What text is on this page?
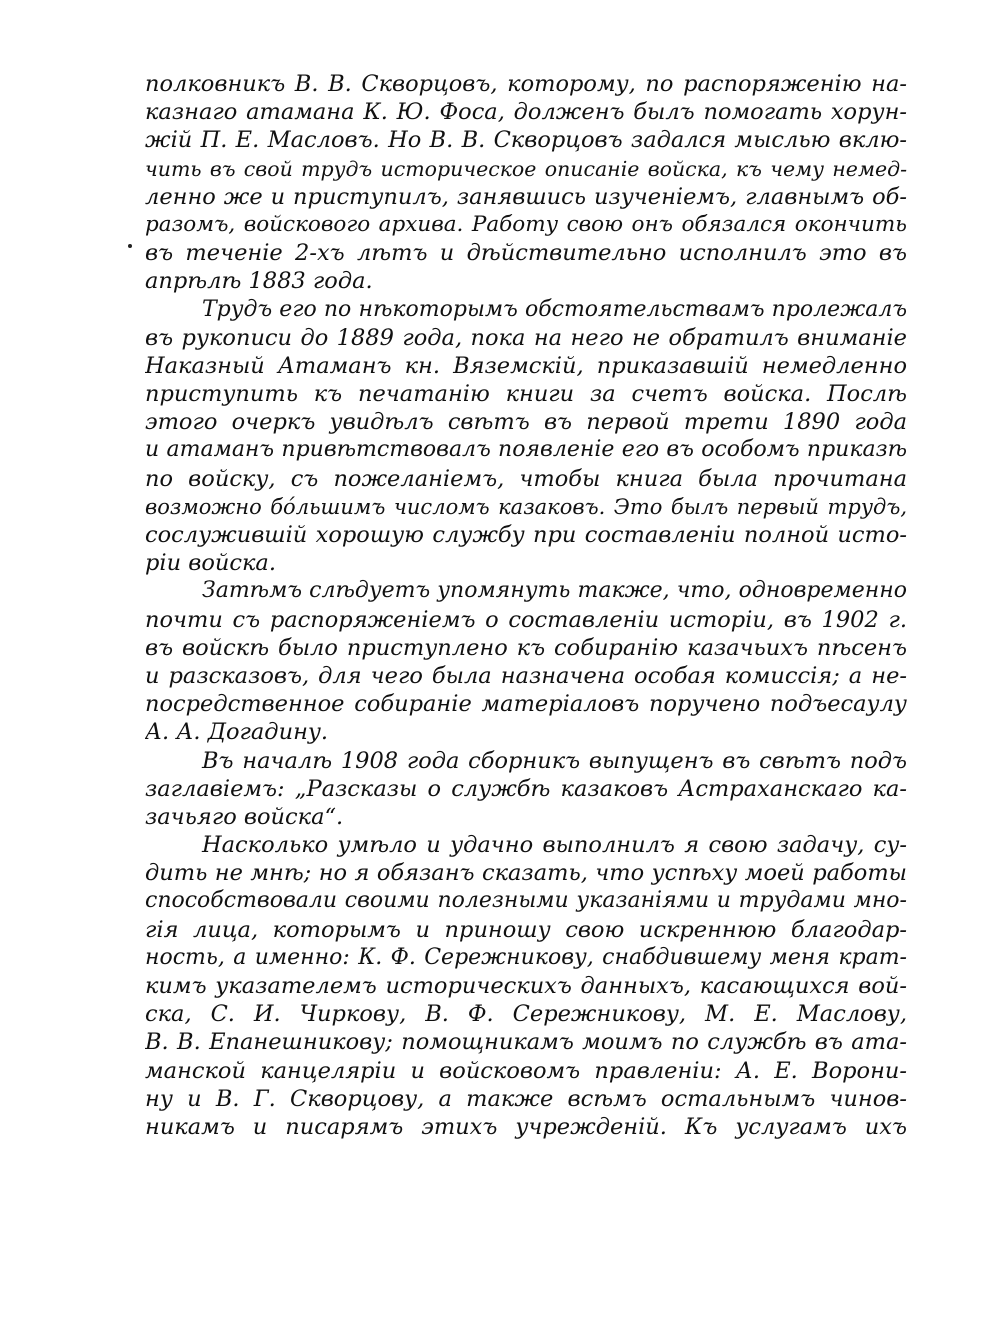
полковникъ В. В. Скворцовъ, которому, по распоряженію на-
казнаго атамана К. Ю. Фоса, долженъ былъ помогать хорун-
жій П. Е. Масловъ. Но В. В. Скворцовъ задался мыслью вклю-
чить въ свой трудъ историческое описаніе войска, къ чему немед-
ленно же и приступилъ, занявшись изученіемъ, главнымъ об-
разомъ, войскового архива. Работу свою онъ обязался окончить
въ теченіе 2-хъ лѣтъ и дѣйствительно исполнилъ это въ
апрѣлѣ 1883 года.
Трудъ его по нѣкоторымъ обстоятельствамъ пролежалъ
въ рукописи до 1889 года, пока на него не обратилъ вниманіе
Наказный Атаманъ кн. Вяземскій, приказавшій немедленно
приступить къ печатанію книги за счетъ войска. Послѣ
этого очеркъ увидѣлъ свѣтъ въ первой трети 1890 года
и атаманъ привѣтствовалъ появленіе его въ особомъ приказѣ
по войску, съ пожеланіемъ, чтобы книга была прочитана
возможно бо́льшимъ числомъ казаковъ. Это былъ первый трудъ,
сослужившій хорошую службу при составленіи полной исто-
ріи войска.
Затѣмъ слѣдуетъ упомянуть также, что, одновременно
почти съ распоряженіемъ о составленіи исторіи, въ 1902 г.
въ войскѣ было приступлено къ собиранію казачьихъ пѣсенъ
и разсказовъ, для чего была назначена особая комиссія; а не-
посредственное собираніе матеріаловъ поручено подъесаулу
А. А. Догадину.
Въ началѣ 1908 года сборникъ выпущенъ въ свѣтъ подъ
заглавіемъ: „Разсказы о службѣ казаковъ Астраханскаго ка-
зачьяго войска“.
Насколько умѣло и удачно выполнилъ я свою задачу, су-
дить не мнѣ; но я обязанъ сказать, что успѣху моей работы
способствовали своими полезными указаніями и трудами мно-
гія лица, которымъ и приношу свою искреннюю благодар-
ность, а именно: К. Ф. Сережникову, снабдившему меня крат-
кимъ указателемъ историческихъ данныхъ, касающихся вой-
ска, С. И. Чиркову, В. Ф. Сережникову, М. Е. Маслову,
В. В. Епанешникову; помощникамъ моимъ по службѣ въ ата-
манской канцеляріи и войсковомъ правленіи: А. Е. Ворони-
ну и В. Г. Скворцову, а также всѣмъ остальнымъ чинов-
никамъ и писарямъ этихъ учрежденій. Къ услугамъ ихъ
